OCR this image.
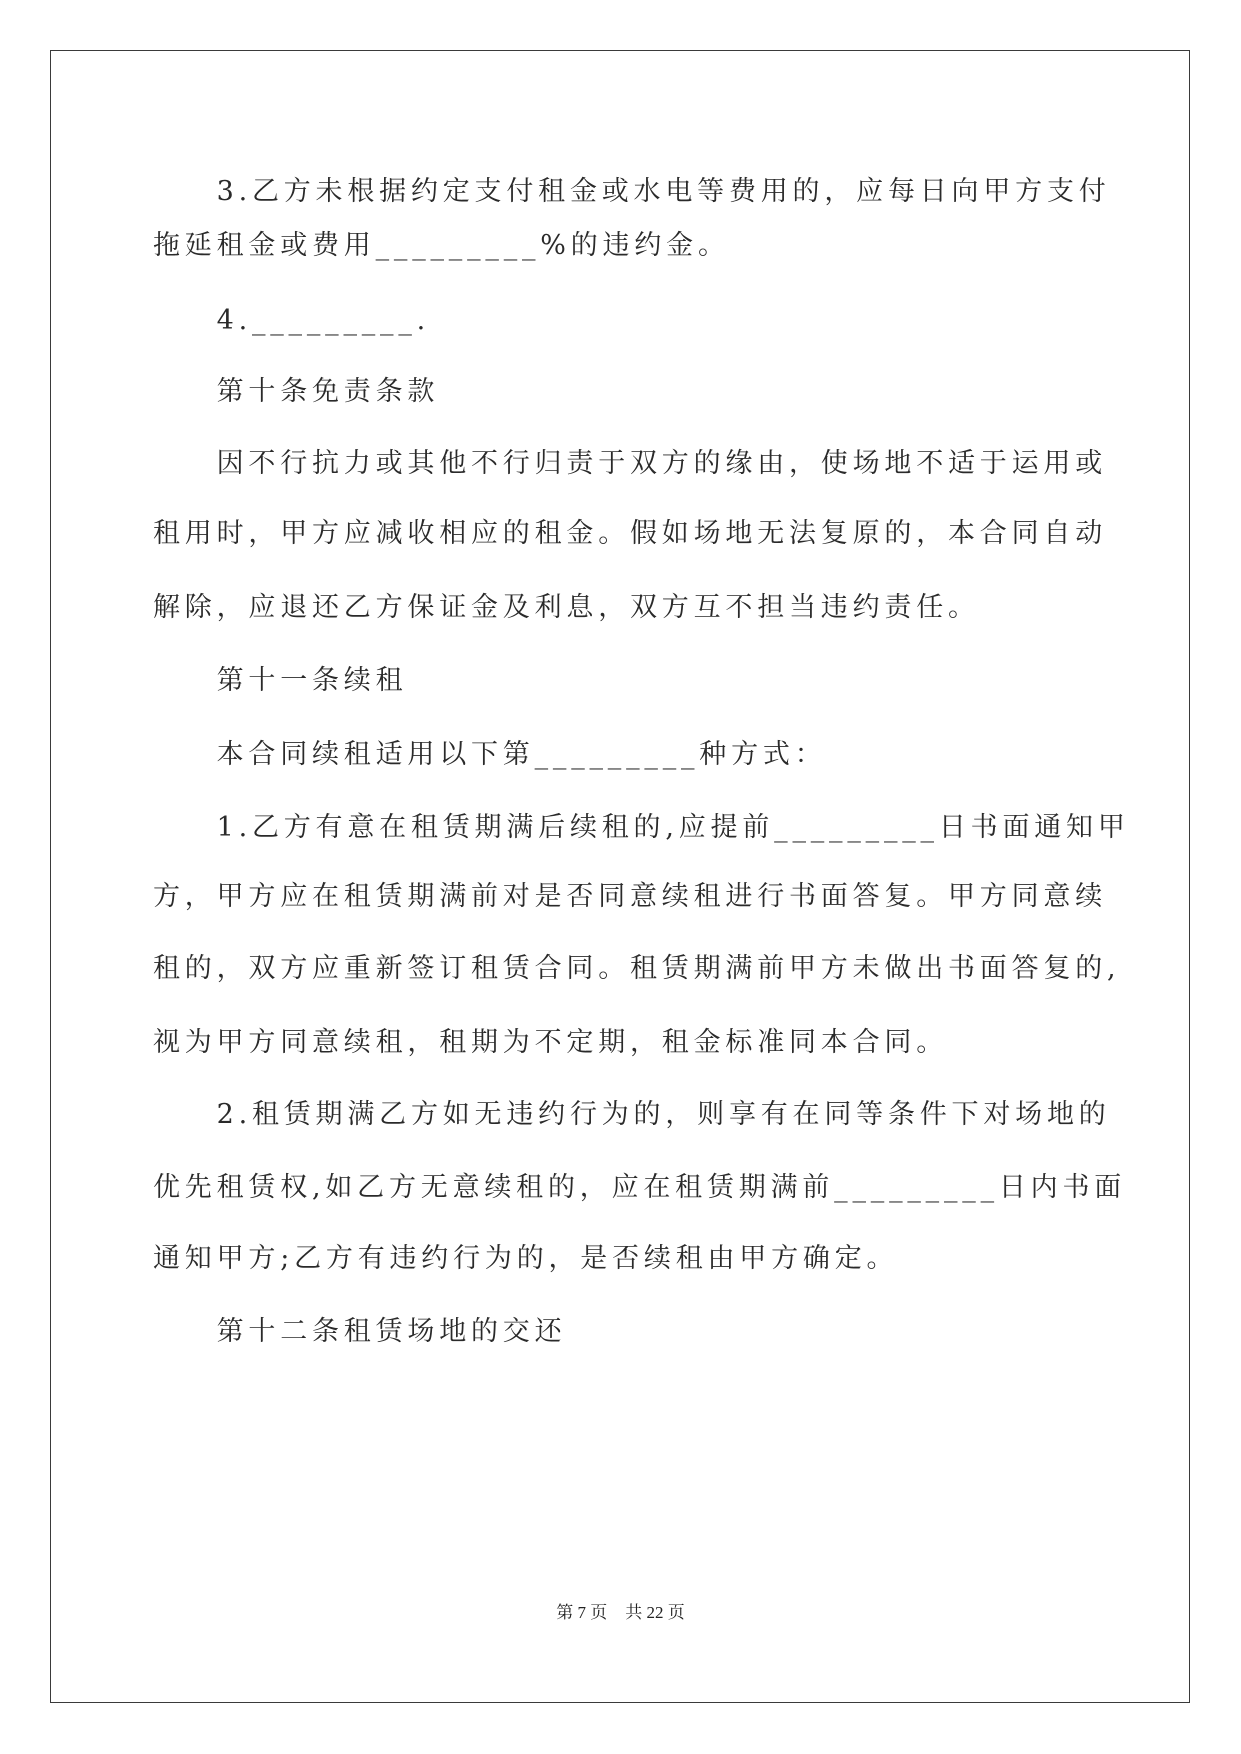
　　3.乙方未根据约定支付租金或水电等费用的，应每日向甲方支付
拖延租金或费用_________%的违约金。
　　4._________.
　　第十条免责条款
　　因不行抗力或其他不行归责于双方的缘由，使场地不适于运用或
租用时，甲方应减收相应的租金。假如场地无法复原的，本合同自动
解除，应退还乙方保证金及利息，双方互不担当违约责任。
　　第十一条续租
　　本合同续租适用以下第_________种方式：
　　1.乙方有意在租赁期满后续租的,应提前_________日书面通知甲
方，甲方应在租赁期满前对是否同意续租进行书面答复。甲方同意续
租的，双方应重新签订租赁合同。租赁期满前甲方未做出书面答复的,
视为甲方同意续租，租期为不定期，租金标准同本合同。
　　2.租赁期满乙方如无违约行为的，则享有在同等条件下对场地的
优先租赁权,如乙方无意续租的，应在租赁期满前_________日内书面
通知甲方;乙方有违约行为的，是否续租由甲方确定。
　　第十二条租赁场地的交还
第 7 页 共 22 页
